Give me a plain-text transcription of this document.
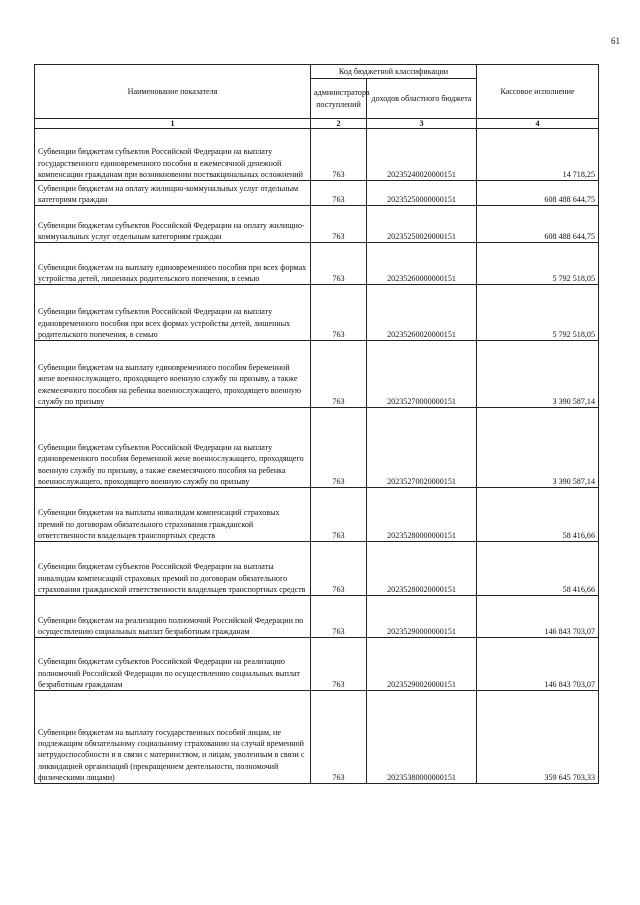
61
Наименование показателя	Код бюджетной классификации		Кассовое исполнение
	администратора поступлений	доходов областного бюджета	
1	2	3	4
Субвенции бюджетам субъектов Российской Федерации на выплату государственного единовременного пособия и ежемесячной денежной компенсации гражданам при возникновении поствакцинальных осложнений	763	20235240020000151	14 718,25
Субвенции бюджетам на оплату жилищно-коммунальных услуг отдельным категориям граждан	763	20235250000000151	608 488 644,75
Субвенции бюджетам субъектов Российской Федерации на оплату жилищно-коммунальных услуг отдельным категориям граждан	763	20235250020000151	608 488 644,75
Субвенции бюджетам на выплату единовременного пособия при всех формах устройства детей, лишенных родительского попечения, в семью	763	20235260000000151	5 792 518,05
Субвенции бюджетам субъектов Российской Федерации на выплату единовременного пособия при всех формах устройства детей, лишенных родительского попечения, в семью	763	20235260020000151	5 792 518,05
Субвенции бюджетам на выплату единовременного пособия беременной жене военнослужащего, проходящего военную службу по призыву, а также ежемесячного пособия на ребенка военнослужащего, проходящего военную службу по призыву	763	20235270000000151	3 390 587,14
Субвенции бюджетам субъектов Российской Федерации на выплату единовременного пособия беременной жене военнослужащего, проходящего военную службу по призыву, а также ежемесячного пособия на ребенка военнослужащего, проходящего военную службу по призыву	763	20235270020000151	3 390 587,14
Субвенции бюджетам на выплаты инвалидам компенсаций страховых премий по договорам обязательного страхования гражданской ответственности владельцев транспортных средств	763	20235280000000151	58 416,66
Субвенции бюджетам субъектов Российской Федерации на выплаты инвалидам компенсаций страховых премий по договорам обязательного страхования гражданской ответственности владельцев транспортных средств	763	20235280020000151	58 416,66
Субвенции бюджетам на реализацию полномочий Российской Федерации по осуществлению социальных выплат безработным гражданам	763	20235290000000151	146 843 703,07
Субвенции бюджетам субъектов Российской Федерации на реализацию полномочий Российской Федерации по осуществлению социальных выплат безработным гражданам	763	20235290020000151	146 843 703,07
Субвенции бюджетам на выплату государственных пособий лицам, не подлежащим обязательному социальному страхованию на случай временной нетрудоспособности и в связи с материнством, и лицам, уволенным в связи с ликвидацией организаций (прекращением деятельности, полномочий физическими лицами)	763	20235380000000151	359 645 703,33
